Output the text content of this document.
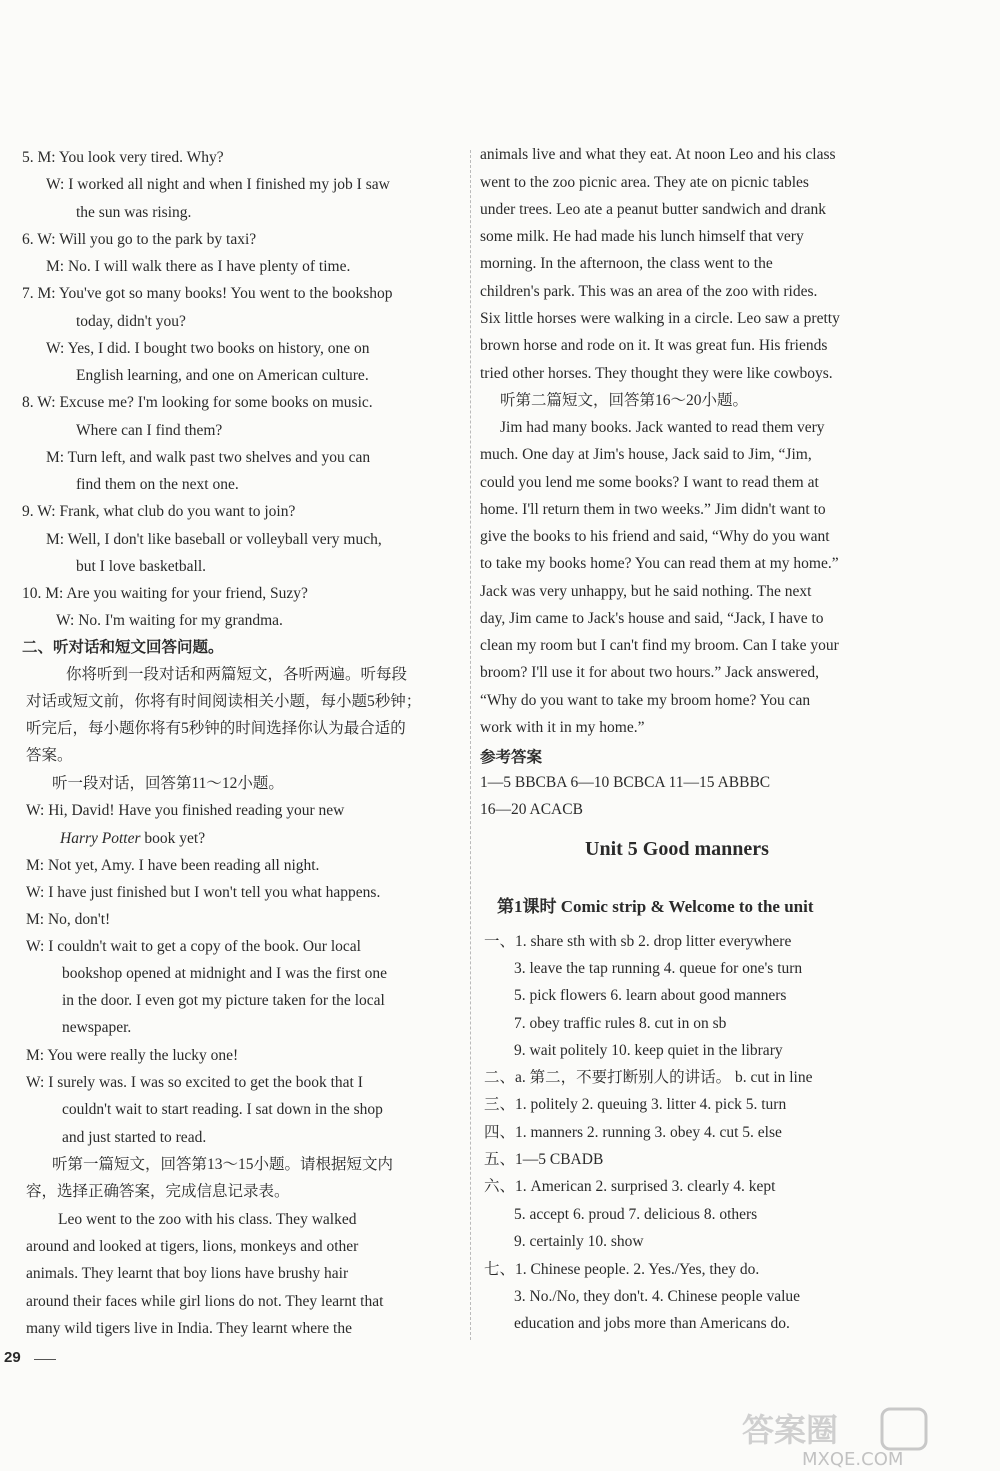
5. M: You look very tired. Why?
W: I worked all night and when I finished my job I saw
the sun was rising.
6. W: Will you go to the park by taxi?
M: No. I will walk there as I have plenty of time.
7. M: You've got so many books! You went to the bookshop
today, didn't you?
W: Yes, I did. I bought two books on history, one on
English learning, and one on American culture.
8. W: Excuse me? I'm looking for some books on music.
Where can I find them?
M: Turn left, and walk past two shelves and you can
find them on the next one.
9. W: Frank, what club do you want to join?
M: Well, I don't like baseball or volleyball very much,
but I love basketball.
10. M: Are you waiting for your friend, Suzy?
W: No. I'm waiting for my grandma.
二、听对话和短文回答问题。
你将听到一段对话和两篇短文，各听两遍。听每段
对话或短文前，你将有时间阅读相关小题，每小题5秒钟；
听完后，每小题你将有5秒钟的时间选择你认为最合适的
答案。
听一段对话，回答第11～12小题。
W: Hi, David! Have you finished reading your new
Harry Potter book yet?
M: Not yet, Amy. I have been reading all night.
W: I have just finished but I won't tell you what happens.
M: No, don't!
W: I couldn't wait to get a copy of the book. Our local
bookshop opened at midnight and I was the first one
in the door. I even got my picture taken for the local
newspaper.
M: You were really the lucky one!
W: I surely was. I was so excited to get the book that I
couldn't wait to start reading. I sat down in the shop
and just started to read.
听第一篇短文，回答第13～15小题。请根据短文内
容，选择正确答案，完成信息记录表。
Leo went to the zoo with his class. They walked
around and looked at tigers, lions, monkeys and other
animals. They learnt that boy lions have brushy hair
around their faces while girl lions do not. They learnt that
many wild tigers live in India. They learnt where the
animals live and what they eat. At noon Leo and his class
went to the zoo picnic area. They ate on picnic tables
under trees. Leo ate a peanut butter sandwich and drank
some milk. He had made his lunch himself that very
morning. In the afternoon, the class went to the
children's park. This was an area of the zoo with rides.
Six little horses were walking in a circle. Leo saw a pretty
brown horse and rode on it. It was great fun. His friends
tried other horses. They thought they were like cowboys.
听第二篇短文，回答第16～20小题。
Jim had many books. Jack wanted to read them very
much. One day at Jim's house, Jack said to Jim, “Jim,
could you lend me some books? I want to read them at
home. I'll return them in two weeks.” Jim didn't want to
give the books to his friend and said, “Why do you want
to take my books home? You can read them at my home.”
Jack was very unhappy, but he said nothing. The next
day, Jim came to Jack's house and said, “Jack, I have to
clean my room but I can't find my broom. Can I take your
broom? I'll use it for about two hours.” Jack answered,
“Why do you want to take my broom home? You can
work with it in my home.”
参考答案
1—5 BBCBA 6—10 BCBCA 11—15 ABBBC
16—20 ACACB
Unit 5 Good manners
第1课时 Comic strip & Welcome to the unit
一、1. share sth with sb 2. drop litter everywhere
3. leave the tap running 4. queue for one's turn
5. pick flowers 6. learn about good manners
7. obey traffic rules 8. cut in on sb
9. wait politely 10. keep quiet in the library
二、a. 第二，不要打断别人的讲话。 b. cut in line
三、1. politely 2. queuing 3. litter 4. pick 5. turn
四、1. manners 2. running 3. obey 4. cut 5. else
五、1—5 CBADB
六、1. American 2. surprised 3. clearly 4. kept
5. accept 6. proud 7. delicious 8. others
9. certainly 10. show
七、1. Chinese people. 2. Yes./Yes, they do.
3. No./No, they don't. 4. Chinese people value
education and jobs more than Americans do.
29
答案圈
MXQE.COM
